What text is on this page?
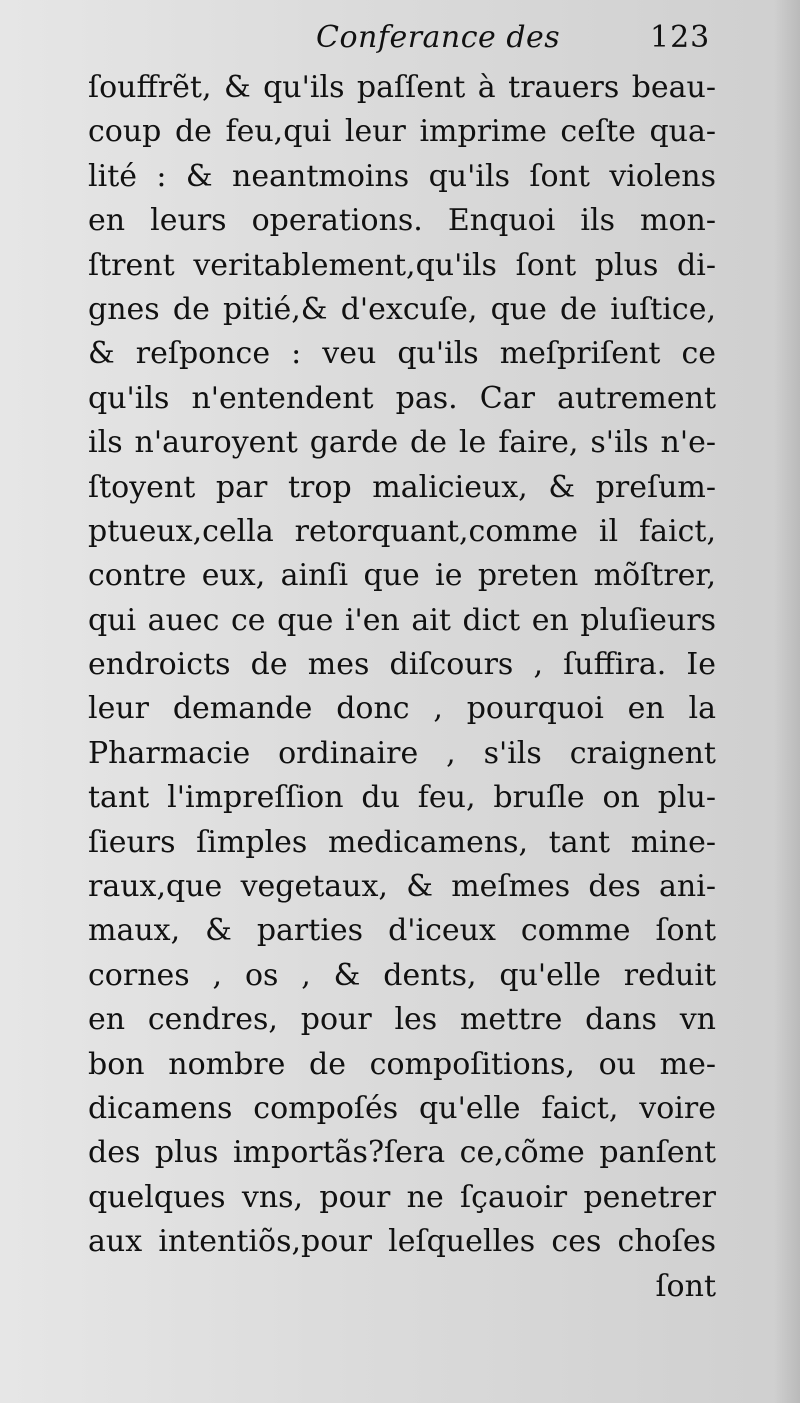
Conferance des	123
ſouffrẽt, & qu'ils paſſent à trauers beau-
coup de feu,qui leur imprime ceſte qua-
lité : & neantmoins qu'ils ſont violens
en leurs operations. Enquoi ils mon-
ſtrent veritablement,qu'ils ſont plus di-
gnes de pitié,& d'excuſe, que de iuſtice,
& reſponce : veu qu'ils meſpriſent ce
qu'ils n'entendent pas. Car autrement
ils n'auroyent garde de le faire, s'ils n'e-
ſtoyent par trop malicieux, & preſum-
ptueux,cella retorquant,comme il faict,
contre eux, ainſi que ie preten mõſtrer,
qui auec ce que i'en ait dict en pluſieurs
endroicts de mes diſcours , ſuffira. Ie
leur demande donc , pourquoi en la
Pharmacie ordinaire , s'ils craignent
tant l'impreſſion du feu, bruſle on plu-
ſieurs ſimples medicamens, tant mine-
raux,que vegetaux, & meſmes des ani-
maux, & parties d'iceux comme ſont
cornes , os , & dents, qu'elle reduit
en cendres, pour les mettre dans vn
bon nombre de compoſitions, ou me-
dicamens compoſés qu'elle faict, voire
des plus importãs?ſera ce,cõme panſent
quelques vns, pour ne ſçauoir penetrer
aux intentiõs,pour leſquelles ces choſes
ſont
